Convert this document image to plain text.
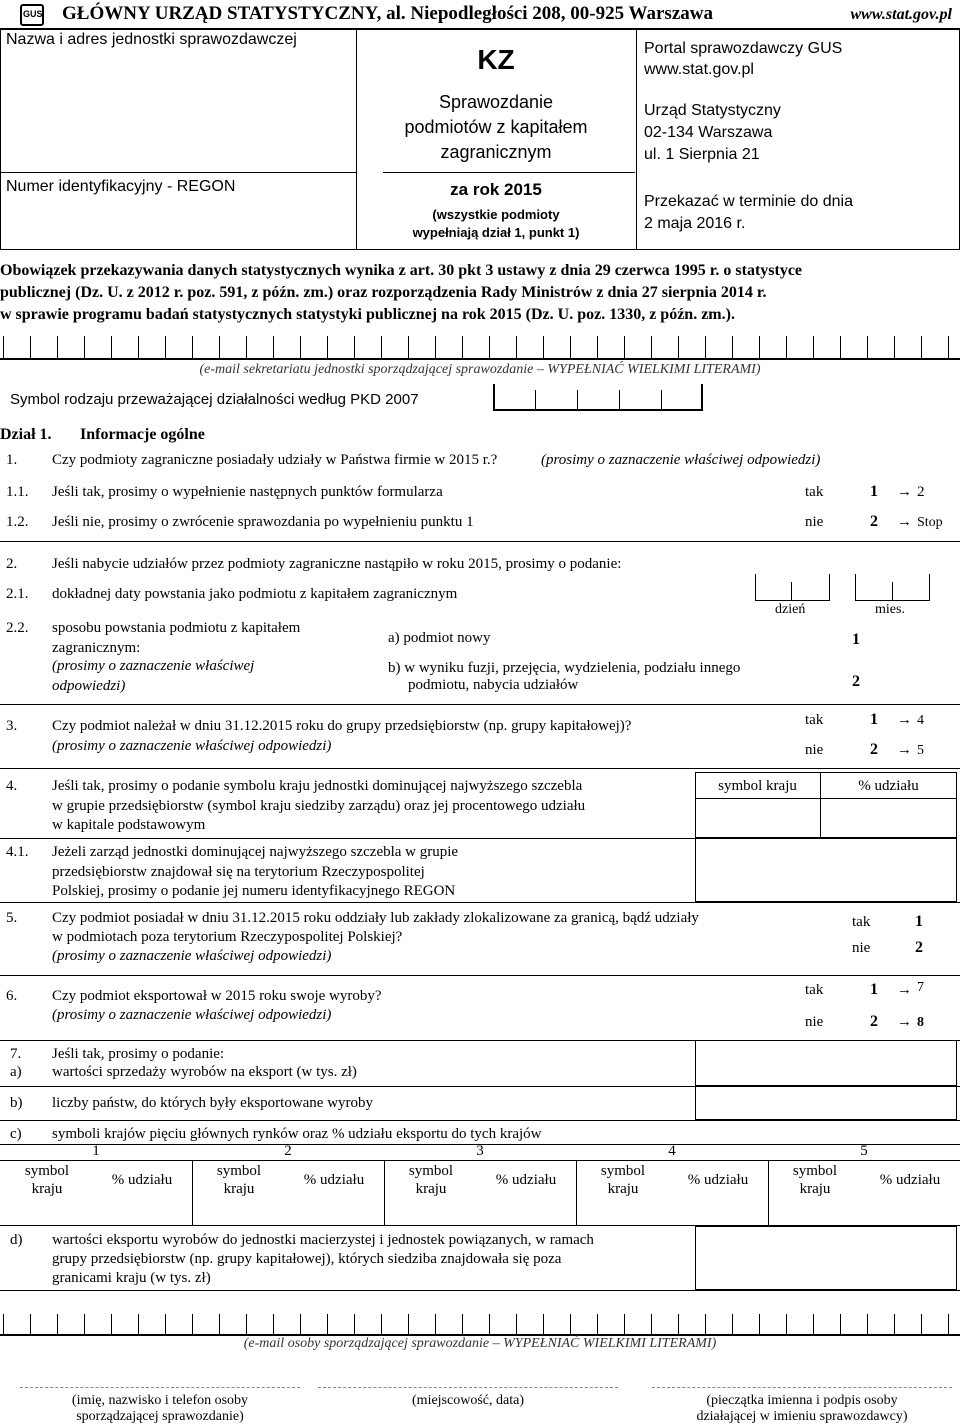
GUS GŁÓWNY URZĄD STATYSTYCZNY, al. Niepodległości 208, 00-925 Warszawa	www.stat.gov.pl
Nazwa i adres jednostki sprawozdawczej
Numer identyfikacyjny - REGON
KZ
Sprawozdanie
podmiotów z kapitałem
zagranicznym
za rok 2015
(wszystkie podmioty
wypełniają dział 1, punkt 1)
Portal sprawozdawczy GUS
www.stat.gov.pl
Urząd Statystyczny
02-134 Warszawa
ul. 1 Sierpnia 21
Przekazać w terminie do dnia
2 maja 2016 r.
Obowiązek przekazywania danych statystycznych wynika z art. 30 pkt 3 ustawy z dnia 29 czerwca 1995 r. o statystyce
publicznej (Dz. U. z 2012 r. poz. 591, z późn. zm.) oraz rozporządzenia Rady Ministrów z dnia 27 sierpnia 2014 r.
w sprawie programu badań statystycznych statystyki publicznej na rok 2015 (Dz. U. poz. 1330, z późn. zm.).
(e-mail sekretariatu jednostki sporządzającej sprawozdanie – WYPEŁNIAĆ WIELKIMI LITERAMI)
Symbol rodzaju przeważającej działalności według PKD 2007
Dział 1. Informacje ogólne
1. Czy podmioty zagraniczne posiadały udziały w Państwa firmie w 2015 r.?	(prosimy o zaznaczenie właściwej odpowiedzi)
1.1. Jeśli tak, prosimy o wypełnienie następnych punktów formularza	tak	1 → 2
1.2. Jeśli nie, prosimy o zwrócenie sprawozdania po wypełnieniu punktu 1	nie	2 → Stop
2. Jeśli nabycie udziałów przez podmioty zagraniczne nastąpiło w roku 2015, prosimy o podanie:
2.1. dokładnej daty powstania jako podmiotu z kapitałem zagranicznym
dzień	mies.
2.2. sposobu powstania podmiotu z kapitałem
zagranicznym:
(prosimy o zaznaczenie właściwej
odpowiedzi)
a) podmiot nowy	1
b) w wyniku fuzji, przejęcia, wydzielenia, podziału innego
podmiotu, nabycia udziałów	2
3. Czy podmiot należał w dniu 31.12.2015 roku do grupy przedsiębiorstw (np. grupy kapitałowej)?
(prosimy o zaznaczenie właściwej odpowiedzi)
tak	1 → 4
nie	2 → 5
4. Jeśli tak, prosimy o podanie symbolu kraju jednostki dominującej najwyższego szczebla
w grupie przedsiębiorstw (symbol kraju siedziby zarządu) oraz jej procentowego udziału
w kapitale podstawowym
symbol kraju	% udziału
4.1. Jeżeli zarząd jednostki dominującej najwyższego szczebla w grupie
przedsiębiorstw znajdował się na terytorium Rzeczypospolitej
Polskiej, prosimy o podanie jej numeru identyfikacyjnego REGON
5. Czy podmiot posiadał w dniu 31.12.2015 roku oddziały lub zakłady zlokalizowane za granicą, bądź udziały
w podmiotach poza terytorium Rzeczypospolitej Polskiej?
(prosimy o zaznaczenie właściwej odpowiedzi)
tak	1
nie	2
6. Czy podmiot eksportował w 2015 roku swoje wyroby?
(prosimy o zaznaczenie właściwej odpowiedzi)
tak	1 → 7
nie	2 → 8
7. Jeśli tak, prosimy o podanie:
a) wartości sprzedaży wyrobów na eksport (w tys. zł)
b) liczby państw, do których były eksportowane wyroby
c) symboli krajów pięciu głównych rynków oraz % udziału eksportu do tych krajów
1
symbol
kraju
% udziału
2
symbol
kraju
% udziału
3
symbol
kraju
% udziału
4
symbol
kraju
% udziału
5
symbol
kraju
% udziału
d) wartości eksportu wyrobów do jednostki macierzystej i jednostek powiązanych, w ramach
grupy przedsiębiorstw (np. grupy kapitałowej), których siedziba znajdowała się poza
granicami kraju (w tys. zł)
(e-mail osoby sporządzającej sprawozdanie – WYPEŁNIAĆ WIELKIMI LITERAMI)
(imię, nazwisko i telefon osoby
sporządzającej sprawozdanie)
(miejscowość, data)	(pieczątka imienna i podpis osoby
działającej w imieniu sprawozdawcy)
